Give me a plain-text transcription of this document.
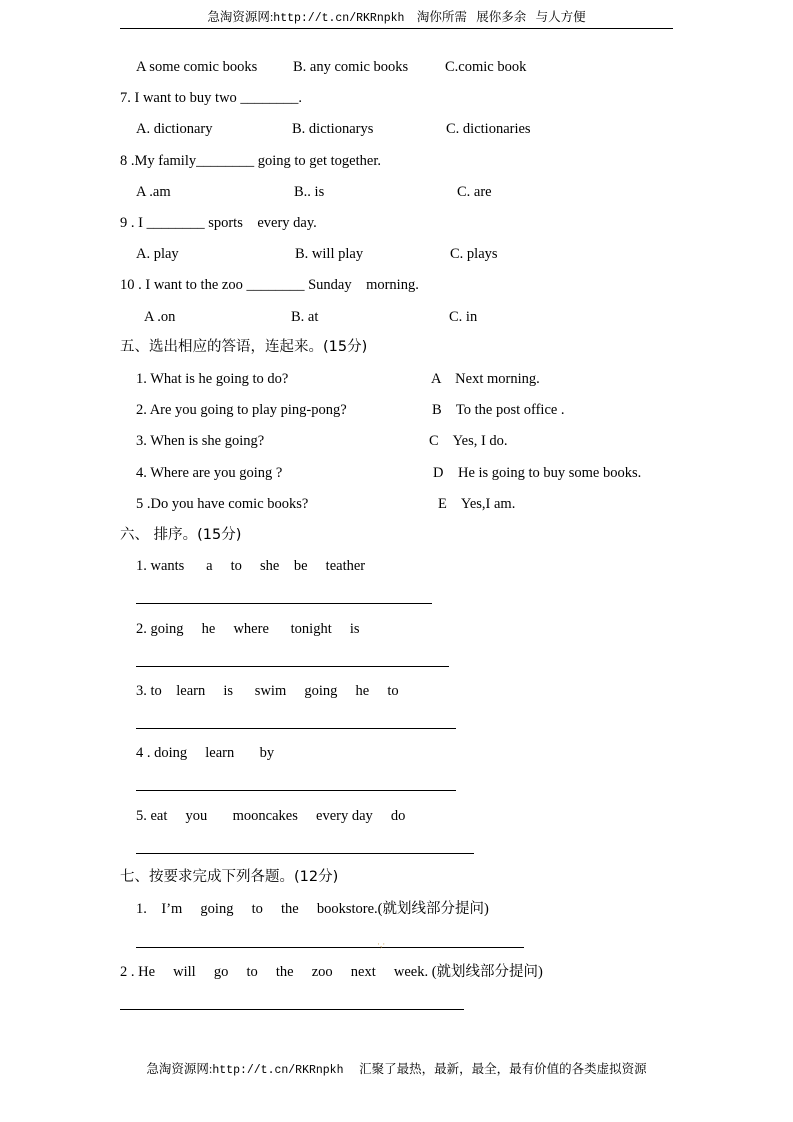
急淘资源网:http://t.cn/RKRnpkh    淘你所需   展你多余   与人方便
A some comic books B. any comic books	C.comic book
7. I want to buy two ________.
A. dictionary	B. dictionarys	C. dictionaries
8 .My family________ going to get together.
A .am	B.. is	C. are
9 . I ________ sports    every day.
A. play	B. will play	C. plays
10 . I want to the zoo ________ Sunday    morning.
A .on	B. at	C. in
五、选出相应的答语，连起来。(15分)
1. What is he going to do?	A    Next morning.
2. Are you going to play ping-pong?	B    To the post office .
3. When is she going?	C    Yes, I do.
4. Where are you going ?	D    He is going to buy some books.
5 .Do you have comic books?	E    Yes,I am.
六、 排序。(15分)
1. wants      a     to     she    be     teather
2. going     he     where      tonight     is
3. to    learn     is      swim     going     he     to
4 . doing     learn       by
5. eat     you       mooncakes     every day     do
七、按要求完成下列各题。(12分)
1.    I’m     going     to     the     bookstore.(就划线部分提问)
·,·
2 . He     will     go     to     the     zoo     next     week. (就划线部分提问)
急淘资源网:http://t.cn/RKRnpkh     汇聚了最热，最新，最全，最有价值的各类虚拟资源
